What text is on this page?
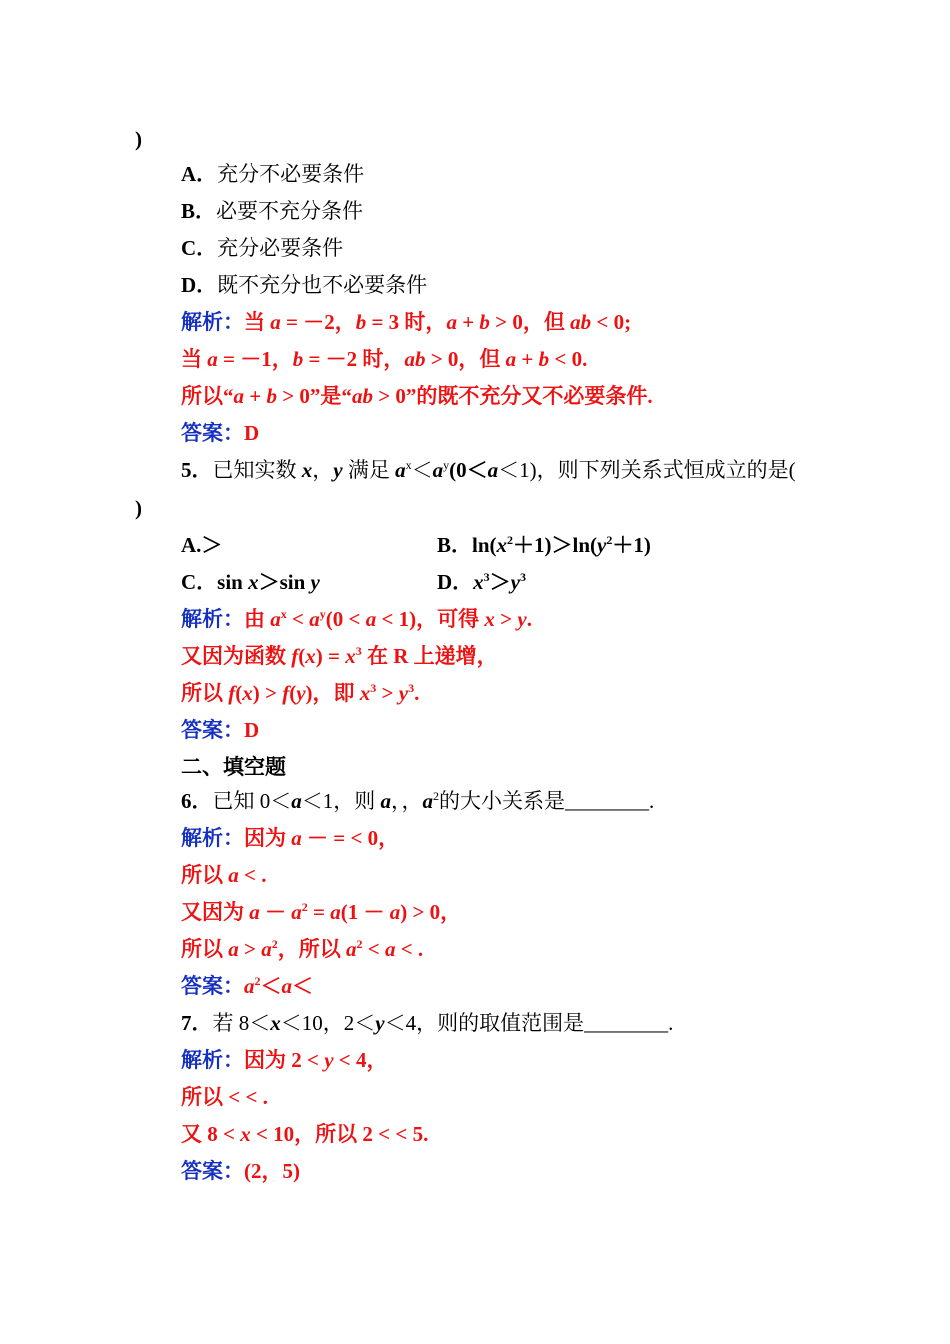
)
A．充分不必要条件
B．必要不充分条件
C．充分必要条件
D．既不充分也不必要条件
解析：当 a = －2，b = 3 时，a + b > 0，但 ab < 0;
当 a = －1，b = －2 时，ab > 0，但 a + b < 0.
所以“a + b > 0”是“ab > 0”的既不充分又不必要条件.
答案：D
5．已知实数 x，y 满足 $a^x<a^y(0<a<1)$，则下列关系式恒成立的是(
)
A.＞	B．$\ln(x^2+1)>\ln(y^2+1)$
C．sin x＞sin y	D．$x^3>y^3$
解析：由 $a^x < a^y(0 < a < 1)$，可得 x > y.
又因为函数 $f(x) = x^3$ 在 R 上递增，
所以 f(x) > f(y)，即 $x^3 > y^3$.
答案：D
二、填空题
6．已知 0＜a＜1，则 a，，$a^2$的大小关系是________.
解析：因为 a － = < 0，
所以 a < .
又因为 $a - a^2 = a(1 - a) > 0$，
所以 $a > a^2$，所以 $a^2 < a$ < .
答案：$a^2<a<$
7．若 8＜x＜10，2＜y＜4，则的取值范围是________.
解析：因为 2 < y < 4，
所以 < < .
又 8 < x < 10，所以 2 < < 5.
答案：(2，5)
